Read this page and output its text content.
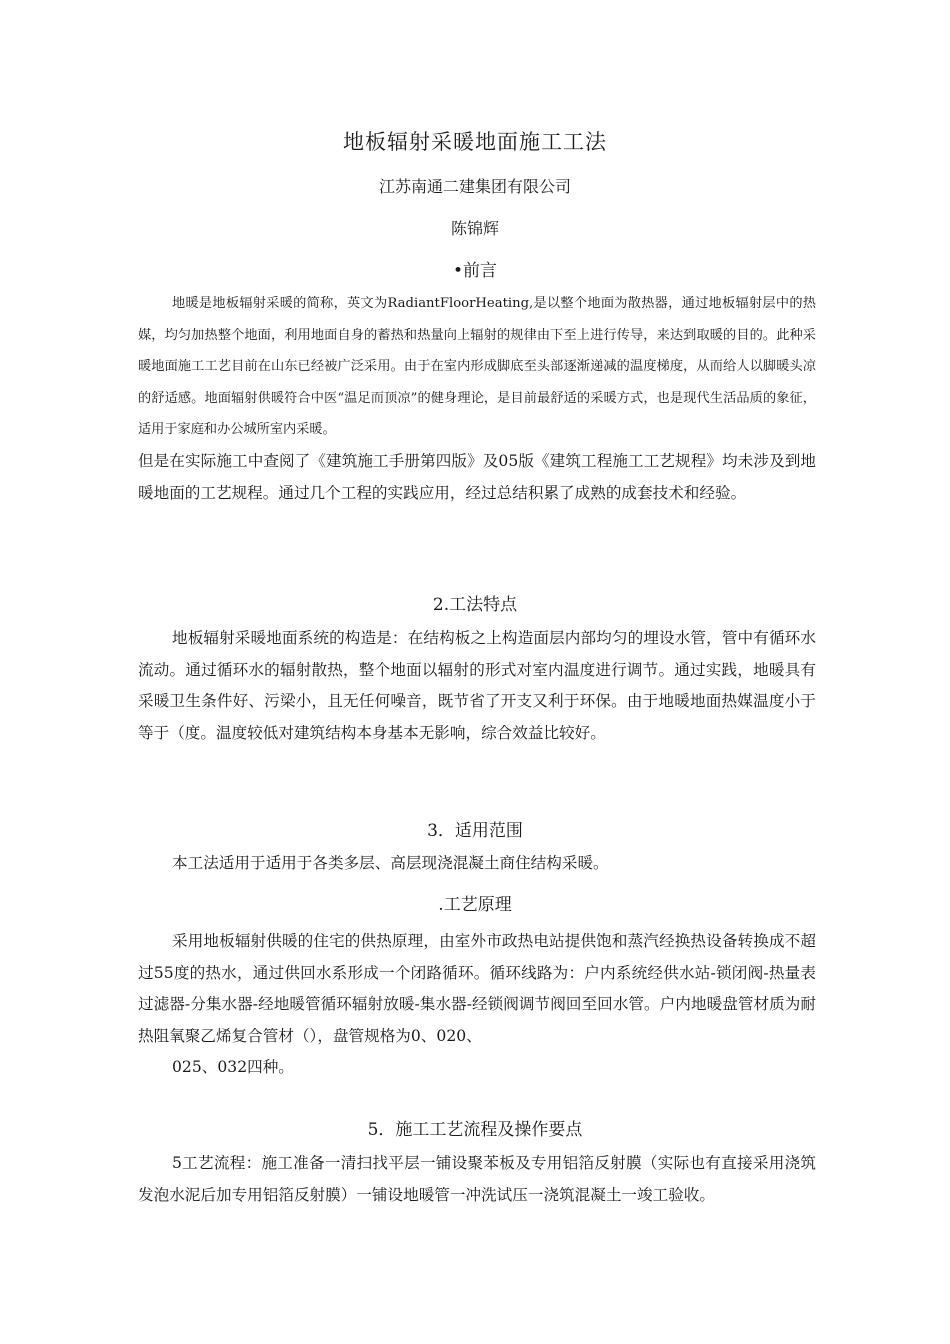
地板辐射采暖地面施工工法
江苏南通二建集团有限公司
陈锦辉
•前言
地暖是地板辐射采暖的简称，英文为RadiantFloorHeating,是以整个地面为散热器，通过地板辐射层中的热媒，均匀加热整个地面，利用地面自身的蓄热和热量向上辐射的规律由下至上进行传导，来达到取暖的目的。此种采暖地面施工工艺目前在山东已经被广泛采用。由于在室内形成脚底至头部逐渐递减的温度梯度，从而给人以脚暖头凉的舒适感。地面辐射供暖符合中医“温足而顶凉”的健身理论，是目前最舒适的采暖方式，也是现代生活品质的象征，适用于家庭和办公城所室内采暖。
但是在实际施工中查阅了《建筑施工手册第四版》及05版《建筑工程施工工艺规程》均未涉及到地暖地面的工艺规程。通过几个工程的实践应用，经过总结积累了成熟的成套技术和经验。
2.工法特点
地板辐射采暖地面系统的构造是：在结构板之上构造面层内部均匀的埋设水管，管中有循环水流动。通过循环水的辐射散热，整个地面以辐射的形式对室内温度进行调节。通过实践，地暖具有采暖卫生条件好、污梁小，且无任何噪音，既节省了开支又利于环保。由于地暖地面热媒温度小于等于（度。温度较低对建筑结构本身基本无影响，综合效益比较好。
3．适用范围
本工法适用于适用于各类多层、高层现浇混凝土商住结构采暖。
.工艺原理
采用地板辐射供暖的住宅的供热原理，由室外市政热电站提供饱和蒸汽经换热设备转换成不超过55度的热水，通过供回水系形成一个闭路循环。循环线路为：户内系统经供水站-锁闭阀-热量表过滤器-分集水器-经地暖管循环辐射放暖-集水器-经锁阀调节阀回至回水管。户内地暖盘管材质为耐热阻氧聚乙烯复合管材（），盘管规格为0、020、
025、032四种。
5．施工工艺流程及操作要点
5工艺流程：施工准备一清扫找平层一铺设聚苯板及专用铝箔反射膜（实际也有直接采用浇筑发泡水泥后加专用铝箔反射膜）一铺设地暖管一冲洗试压一浇筑混凝土一竣工验收。
